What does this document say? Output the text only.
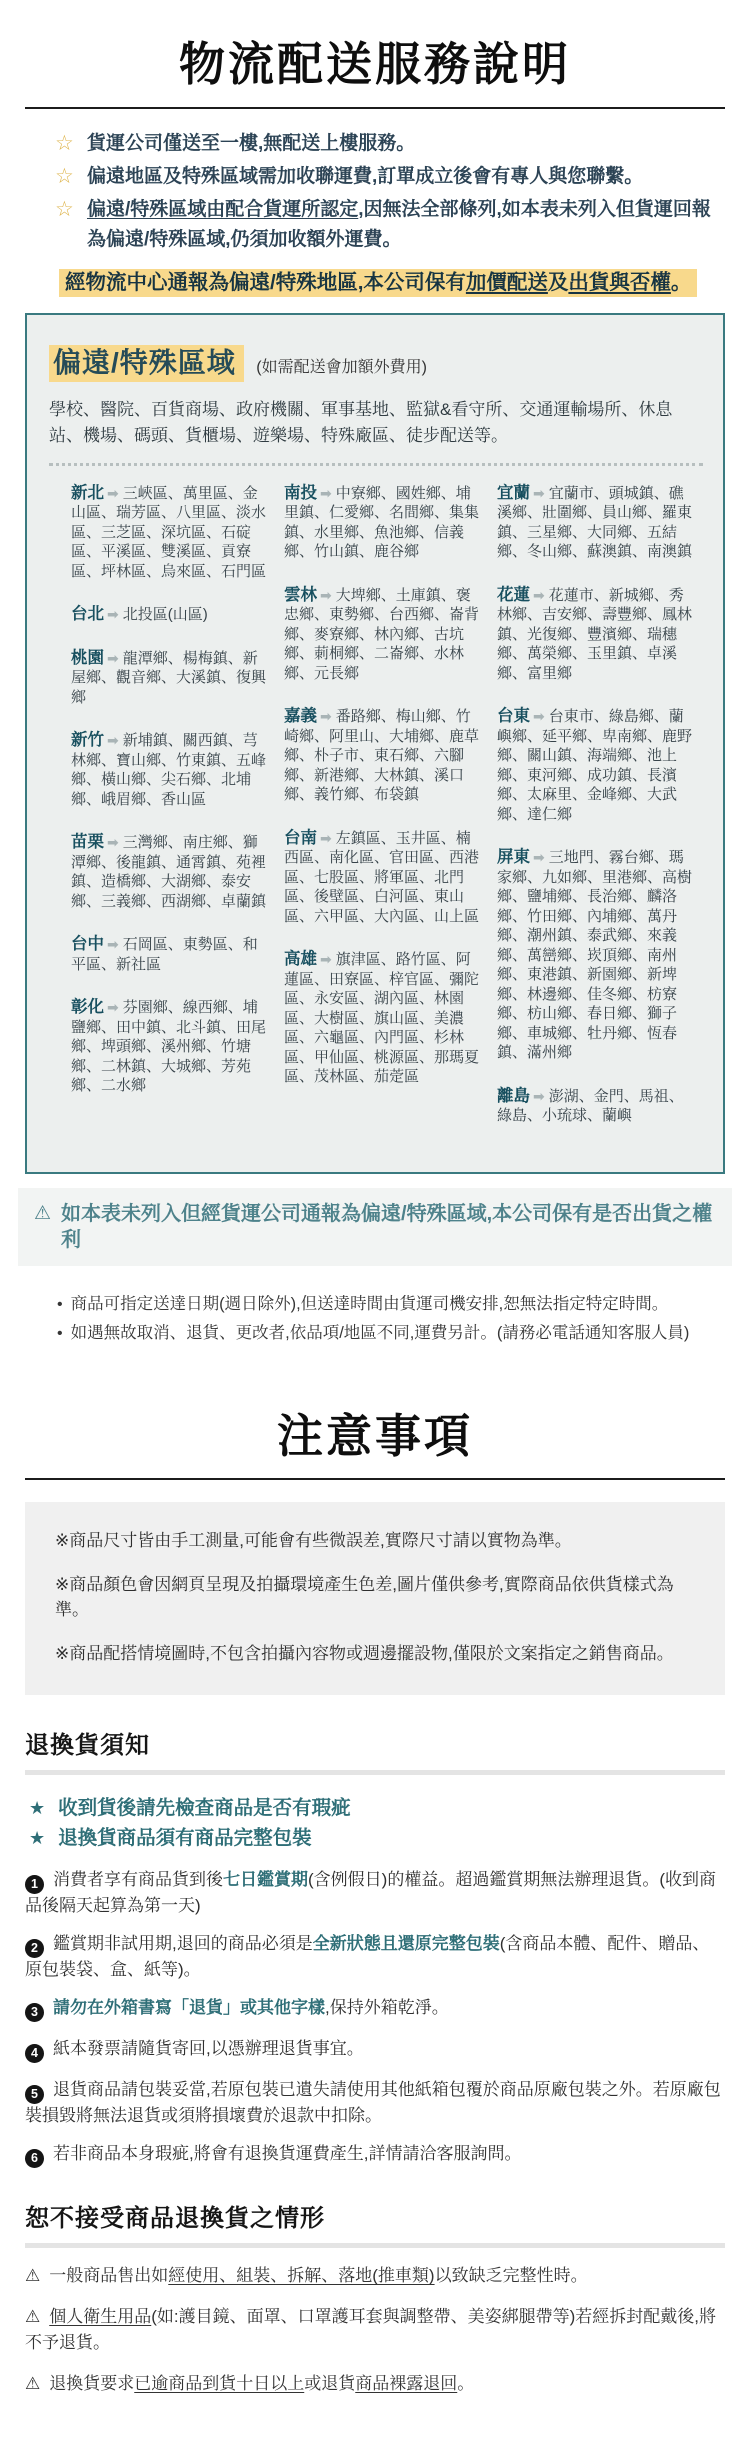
物流配送服務說明
☆ 貨運公司僅送至一樓,無配送上樓服務。
☆ 偏遠地區及特殊區域需加收聯運費,訂單成立後會有專人與您聯繫。
☆ 偏遠/特殊區域由配合貨運所認定,因無法全部條列,如本表未列入但貨運回報為偏遠/特殊區域,仍須加收額外運費。
經物流中心通報為偏遠/特殊地區,本公司保有加價配送及出貨與否權。
偏遠/特殊區域 (如需配送會加額外費用)

學校、醫院、百貨商場、政府機關、軍事基地、監獄&看守所、交通運輸場所、休息站、機場、碼頭、貨櫃場、遊樂場、特殊廠區、徒步配送等。

新北 ➡ 三峽區、萬里區、金山區、瑞芳區、八里區、淡水區、三芝區、深坑區、石碇區、平溪區、雙溪區、貢寮區、坪林區、烏來區、石門區
台北 ➡ 北投區(山區)
桃園 ➡ 龍潭鄉、楊梅鎮、新屋鄉、觀音鄉、大溪鎮、復興鄉
新竹 ➡ 新埔鎮、關西鎮、芎林鄉、寶山鄉、竹東鎮、五峰鄉、橫山鄉、尖石鄉、北埔鄉、峨眉鄉、香山區
苗栗 ➡ 三灣鄉、南庄鄉、獅潭鄉、後龍鎮、通霄鎮、苑裡鎮、造橋鄉、大湖鄉、泰安鄉、三義鄉、西湖鄉、卓蘭鎮
台中 ➡ 石岡區、東勢區、和平區、新社區
彰化 ➡ 芬園鄉、線西鄉、埔鹽鄉、田中鎮、北斗鎮、田尾鄉、埤頭鄉、溪州鄉、竹塘鄉、二林鎮、大城鄉、芳苑鄉、二水鄉
南投 ➡ 中寮鄉、國姓鄉、埔里鎮、仁愛鄉、名間鄉、集集鎮、水里鄉、魚池鄉、信義鄉、竹山鎮、鹿谷鄉
雲林 ➡ 大埤鄉、土庫鎮、褒忠鄉、東勢鄉、台西鄉、崙背鄉、麥寮鄉、林內鄉、古坑鄉、莿桐鄉、二崙鄉、水林鄉、元長鄉
嘉義 ➡ 番路鄉、梅山鄉、竹崎鄉、阿里山、大埔鄉、鹿草鄉、朴子市、東石鄉、六腳鄉、新港鄉、大林鎮、溪口鄉、義竹鄉、布袋鎮
台南 ➡ 左鎮區、玉井區、楠西區、南化區、官田區、西港區、七股區、將軍區、北門區、後壁區、白河區、東山區、六甲區、大內區、山上區
高雄 ➡ 旗津區、路竹區、阿蓮區、田寮區、梓官區、彌陀區、永安區、湖內區、林園區、大樹區、旗山區、美濃區、六龜區、內門區、杉林區、甲仙區、桃源區、那瑪夏區、茂林區、茄萣區
宜蘭 ➡ 宜蘭市、頭城鎮、礁溪鄉、壯圍鄉、員山鄉、羅東鎮、三星鄉、大同鄉、五結鄉、冬山鄉、蘇澳鎮、南澳鎮
花蓮 ➡ 花蓮市、新城鄉、秀林鄉、吉安鄉、壽豐鄉、鳳林鎮、光復鄉、豐濱鄉、瑞穗鄉、萬榮鄉、玉里鎮、卓溪鄉、富里鄉
台東 ➡ 台東市、綠島鄉、蘭嶼鄉、延平鄉、卑南鄉、鹿野鄉、關山鎮、海端鄉、池上鄉、東河鄉、成功鎮、長濱鄉、太麻里、金峰鄉、大武鄉、達仁鄉
屏東 ➡ 三地門、霧台鄉、瑪家鄉、九如鄉、里港鄉、高樹鄉、鹽埔鄉、長治鄉、麟洛鄉、竹田鄉、內埔鄉、萬丹鄉、潮州鎮、泰武鄉、來義鄉、萬巒鄉、崁頂鄉、南州鄉、東港鎮、新園鄉、新埤鄉、林邊鄉、佳冬鄉、枋寮鄉、枋山鄉、春日鄉、獅子鄉、車城鄉、牡丹鄉、恆春鎮、滿州鄉
離島 ➡ 澎湖、金門、馬祖、綠島、小琉球、蘭嶼
⚠ 如本表未列入但經貨運公司通報為偏遠/特殊區域,本公司保有是否出貨之權利
• 商品可指定送達日期(週日除外),但送達時間由貨運司機安排,恕無法指定特定時間。
• 如遇無故取消、退貨、更改者,依品項/地區不同,運費另計。(請務必電話通知客服人員)
注意事項

※商品尺寸皆由手工測量,可能會有些微誤差,實際尺寸請以實物為準。

※商品顏色會因網頁呈現及拍攝環境產生色差,圖片僅供參考,實際商品依供貨樣式為準。

※商品配搭情境圖時,不包含拍攝內容物或週邊擺設物,僅限於文案指定之銷售商品。

退換貨須知
★ 收到貨後請先檢查商品是否有瑕疵
★ 退換貨商品須有商品完整包裝
1 消費者享有商品貨到後七日鑑賞期(含例假日)的權益。超過鑑賞期無法辦理退貨。(收到商品後隔天起算為第一天)
2 鑑賞期非試用期,退回的商品必須是全新狀態且還原完整包裝(含商品本體、配件、贈品、原包裝袋、盒、紙等)。
3 請勿在外箱書寫「退貨」或其他字樣,保持外箱乾淨。
4 紙本發票請隨貨寄回,以憑辦理退貨事宜。
5 退貨商品請包裝妥當,若原包裝已遺失請使用其他紙箱包覆於商品原廠包裝之外。若原廠包裝損毀將無法退貨或須將損壞費於退款中扣除。
6 若非商品本身瑕疵,將會有退換貨運費產生,詳情請洽客服詢問。
恕不接受商品退換貨之情形
⚠ 一般商品售出如經使用、組裝、拆解、落地(推車類)以致缺乏完整性時。
⚠ 個人衛生用品(如:護目鏡、面罩、口罩護耳套與調整帶、美姿綁腿帶等)若經拆封配戴後,將不予退貨。
⚠ 退換貨要求已逾商品到貨十日以上或退貨商品裸露退回。
